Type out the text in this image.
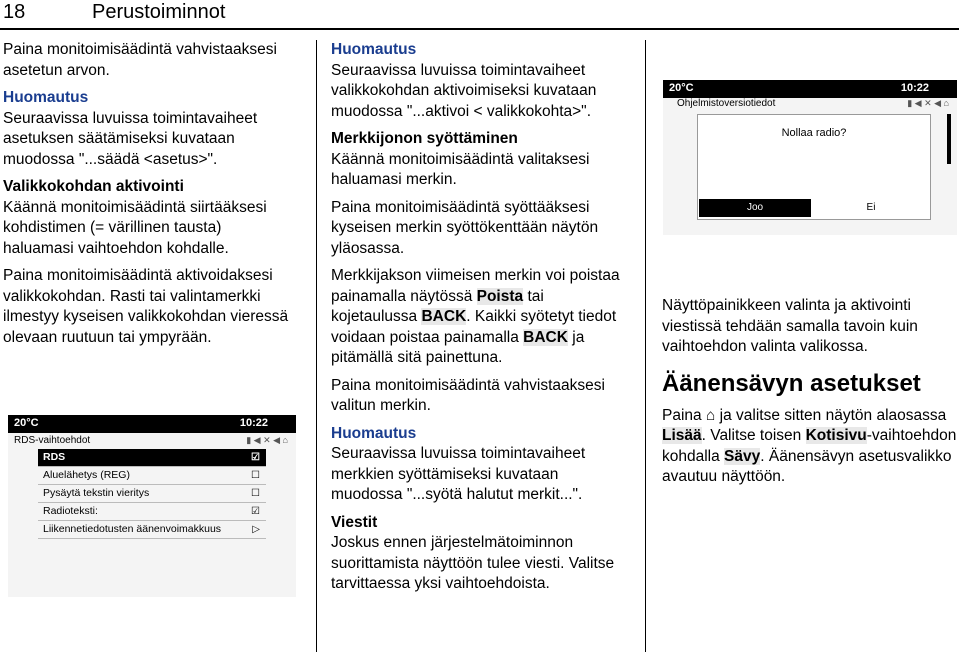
18	Perustoiminnot

Paina monitoimisäädintä vahvistaaksesi asetetun arvon.

Huomautus

Seuraavissa luvuissa toimintavaiheet asetuksen säätämiseksi kuvataan muodossa "...säädä <asetus>".

Valikkokohdan aktivointi

Käännä monitoimisäädintä siirtääksesi kohdistimen (= värillinen tausta) haluamasi vaihtoehdon kohdalle.

Paina monitoimisäädintä aktivoidaksesi valikkokohdan. Rasti tai valintamerkki ilmestyy kyseisen valikkokohdan vieressä olevaan ruutuun tai ympyrään.

20°C	10:22
RDS-vaihtoehdot	▮ ◀ ✕ ◀ ⌂
RDS	☑
Aluelähetys (REG)	☐
Pysäytä tekstin vieritys	☐
Radioteksti:	☑
Liikennetiedotusten äänenvoimakkuus	▷
Huomautus

Seuraavissa luvuissa toimintavaiheet valikkokohdan aktivoimiseksi kuvataan muodossa "...aktivoi < valikkokohta>".

Merkkijonon syöttäminen

Käännä monitoimisäädintä valitaksesi haluamasi merkin.

Paina monitoimisäädintä syöttääksesi kyseisen merkin syöttökenttään näytön yläosassa.

Merkkijakson viimeisen merkin voi poistaa painamalla näytössä Poista tai kojetaulussa BACK. Kaikki syötetyt tiedot voidaan poistaa painamalla BACK ja pitämällä sitä painettuna.

Paina monitoimisäädintä vahvistaaksesi valitun merkin.

Huomautus

Seuraavissa luvuissa toimintavaiheet merkkien syöttämiseksi kuvataan muodossa "...syötä halutut merkit...".

Viestit

Joskus ennen järjestelmätoiminnon suorittamista näyttöön tulee viesti. Valitse tarvittaessa yksi vaihtoehdoista.

20°C	10:22
Ohjelmistoversiotiedot	▮ ◀ ✕ ◀ ⌂
Nollaa radio?
Joo	Ei

Näyttöpainikkeen valinta ja aktivointi viestissä tehdään samalla tavoin kuin vaihtoehdon valinta valikossa.

Äänensävyn asetukset

Paina ⌂ ja valitse sitten näytön alaosassa Lisää. Valitse toisen Kotisivu-vaihtoehdon kohdalla Sävy. Äänensävyn asetusvalikko avautuu näyttöön.
